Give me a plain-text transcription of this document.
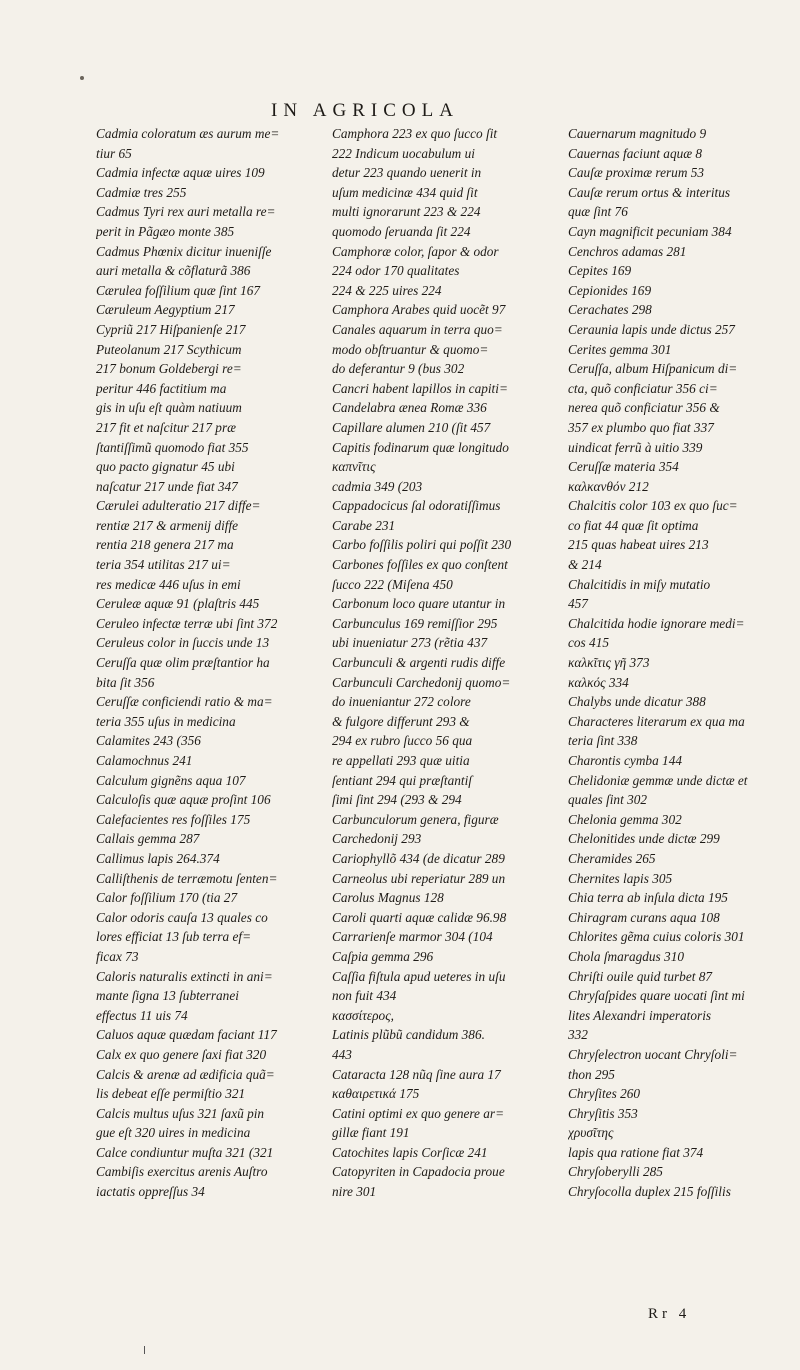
IN AGRICOLA
Cadmia coloratum æs aurum me=
tiur 65
Cadmia infectæ aquæ uires 109
Cadmiæ tres 255
Cadmus Tyri rex auri metalla re=
perit in Pãgæo monte 385
Cadmus Phœnix dicitur inueniſſe
auri metalla & cõflaturã 386
Cærulea foſſilium quæ ſint 167
Cæruleum Aegyptium 217
Cypriũ 217 Hiſpanienſe 217
Puteolanum 217 Scythicum
217 bonum Goldebergi re=
peritur 446 factitium ma
gis in uſu eſt quàm natiuum
217 fit et naſcitur 217 præ
ſtantiſſimũ quomodo fiat 355
quo pacto gignatur 45 ubi
naſcatur 217 unde fiat 347
Cærulei adulteratio 217 diffe=
rentiæ 217 & armenij diffe
rentia 218 genera 217 ma
teria 354 utilitas 217 ui=
res medicæ 446 uſus in emi
Ceruleæ aquæ 91 (plaſtris 445
Ceruleo infectæ terræ ubi ſint 372
Ceruleus color in ſuccis unde 13
Ceruſſa quæ olim præſtantior ha
bita ſit 356
Ceruſſæ conficiendi ratio & ma=
teria 355 uſus in medicina
Calamites 243 (356
Calamochnus 241
Calculum gignẽns aqua 107
Calculoſis quæ aquæ proſint 106
Calefacientes res foſſiles 175
Callais gemma 287
Callimus lapis 264.374
Calliſthenis de terræmotu ſenten=
Calor foſſilium 170 (tia 27
Calor odoris cauſa 13 quales co
lores efficiat 13 ſub terra ef=
ficax 73
Caloris naturalis extincti in ani=
mante ſigna 13 ſubterranei
effectus 11 uis 74
Caluos aquæ quædam faciant 117
Calx ex quo genere ſaxi fiat 320
Calcis & arenæ ad ædificia quã=
lis debeat eſſe permiſtio 321
Calcis multus uſus 321 ſaxũ pin
gue eſt 320 uires in medicina
Calce condiuntur muſta 321 (321
Cambiſis exercitus arenis Auſtro
iactatis oppreſſus 34
Camphora 223 ex quo ſucco ſit
222 Indicum uocabulum ui
detur 223 quando uenerit in
uſum medicinæ 434 quid ſit
multi ignorarunt 223 & 224
quomodo ſeruanda ſit 224
Camphoræ color, ſapor & odor
224 odor 170 qualitates
224 & 225 uires 224
Camphora Arabes quid uocẽt 97
Canales aquarum in terra quo=
modo obſtruantur & quomo=
do deferantur 9 (bus 302
Cancri habent lapillos in capiti=
Candelabra ænea Romæ 336
Capillare alumen 210 (ſit 457
Capitis fodinarum quæ longitudo
καπνῖτις
cadmia 349 (203
Cappadocicus ſal odoratiſſimus
Carabe 231
Carbo foſſilis poliri qui poſſit 230
Carbones foſſiles ex quo conſtent
ſucco 222 (Miſena 450
Carbonum loco quare utantur in
Carbunculus 169 remiſſior 295
ubi inueniatur 273 (rẽtia 437
Carbunculi & argenti rudis diffe
Carbunculi Carchedonij quomo=
do inueniantur 272 colore
& fulgore differunt 293 &
294 ex rubro ſucco 56 qua
re appellati 293 quæ uitia
ſentiant 294 qui præſtantiſ
ſimi ſint 294 (293 & 294
Carbunculorum genera, figuræ
Carchedonij 293
Cariophyllõ 434 (de dicatur 289
Carneolus ubi reperiatur 289 un
Carolus Magnus 128
Caroli quarti aquæ calidæ 96.98
Carrarienſe marmor 304 (104
Caſpia gemma 296
Caſſia fiſtula apud ueteres in uſu
non fuit 434
κασσίτερος,
Latinis plũbũ candidum 386.
443
Cataracta 128 nũq ſine aura 17
καθαιρετικά 175
Catini optimi ex quo genere ar=
gillæ fiant 191
Catochites lapis Corſicæ 241
Catopyriten in Capadocia proue
nire 301
Cauernarum magnitudo 9
Cauernas faciunt aquæ 8
Cauſæ proximæ rerum 53
Cauſæ rerum ortus & interitus
quæ ſint 76
Cayn magnificit pecuniam 384
Cenchros adamas 281
Cepites 169
Cepionides 169
Cerachates 298
Ceraunia lapis unde dictus 257
Cerites gemma 301
Ceruſſa, album Hiſpanicum di=
cta, quõ conficiatur 356 ci=
nerea quõ conficiatur 356 &
357 ex plumbo quo fiat 337
uindicat ferrũ à uitio 339
Ceruſſæ materia 354
καλκανθόν 212
Chalcitis color 103 ex quo ſuc=
co fiat 44 quæ ſit optima
215 quas habeat uires 213
& 214
Chalcitidis in miſy mutatio
457
Chalcitida hodie ignorare medi=
cos 415
καλκῖτις γῆ 373
καλκός 334
Chalybs unde dicatur 388
Characteres literarum ex qua ma
teria ſint 338
Charontis cymba 144
Chelidoniæ gemmæ unde dictæ et
quales ſint 302
Chelonia gemma 302
Chelonitides unde dictæ 299
Cheramides 265
Chernites lapis 305
Chia terra ab inſula dicta 195
Chiragram curans aqua 108
Chlorites gẽma cuius coloris 301
Chola ſmaragdus 310
Chriſti ouile quid turbet 87
Chryſaſpides quare uocati ſint mi
lites Alexandri imperatoris
332
Chryſelectron uocant Chryſoli=
thon 295
Chryſites 260
Chryſitis 353
χρυσῖτης
lapis qua ratione fiat 374
Chryſoberylli 285
Chryſocolla duplex 215 foſſilis
Rr 4
